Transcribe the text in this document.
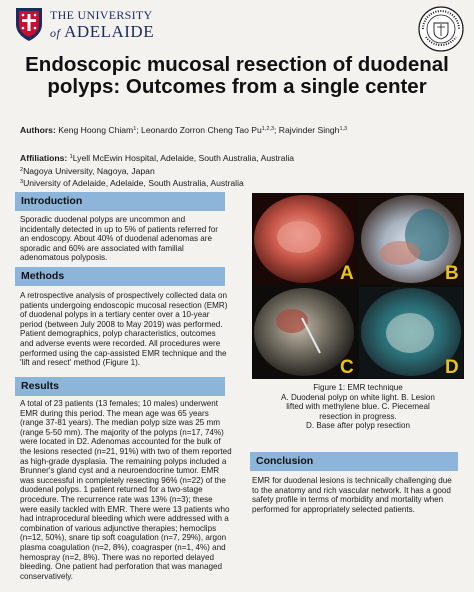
THE UNIVERSITY
of ADELAIDE
Endoscopic mucosal resection of duodenal polyps: Outcomes from a single center
Authors: Keng Hoong Chiam$^1$; Leonardo Zorron Cheng Tao Pu$^{1,2,3}$; Rajvinder Singh$^{1,3}$
Affiliations: $^1$Lyell McEwin Hospital, Adelaide, South Australia, Australia
$^2$Nagoya University, Nagoya, Japan
$^3$University of Adelaide, Adelaide, South Australia, Australia
Introduction
Sporadic duodenal polyps are uncommon and incidentally detected in up to 5% of patients referred for an endoscopy. About 40% of duodenal adenomas are sporadic and 60% are associated with familial adenomatous polyposis.
Methods
A retrospective analysis of prospectively collected data on patients undergoing endoscopic mucosal resection (EMR) of duodenal polyps in a tertiary center over a 10-year period (between July 2008 to May 2019) was performed. Patient demographics, polyp characteristics, outcomes and adverse events were recorded. All procedures were performed using the cap-assisted EMR technique and the 'lift and resect' method (Figure 1).
Results
A total of 23 patients (13 females; 10 males) underwent EMR during this period. The mean age was 65 years (range 37-81 years). The median polyp size was 25 mm (range 5-50 mm). The majority of the polyps (n=17, 74%) were located in D2. Adenomas accounted for the bulk of the lesions resected (n=21, 91%) with two of them reported as high-grade dysplasia. The remaining polyps included a Brunner's gland cyst and a neuroendocrine tumor. EMR was successful in completely resecting 96% (n=22) of the duodenal polyps. 1 patient returned for a two-stage procedure. The recurrence rate was 13% (n=3); these were easily tackled with EMR. There were 13 patients who had intraprocedural bleeding which were addressed with a combination of various adjunctive therapies; hemoclips (n=12, 50%), snare tip soft coagulation (n=7, 29%), argon plasma coagulation (n=2, 8%), coagrasper (n=1, 4%) and hemospray (n=2, 8%). There was no reported delayed bleeding. One patient had perforation that was managed conservatively.
A	B
C	D
Figure 1: EMR technique
A. Duodenal polyp on white light. B. Lesion
lifted with methylene blue. C. Piecemeal
resection in progress.
D. Base after polyp resection
Conclusion
EMR for duodenal lesions is technically challenging due to the anatomy and rich vascular network. It has a good safety profile in terms of morbidity and mortality when performed for appropriately selected patients.
